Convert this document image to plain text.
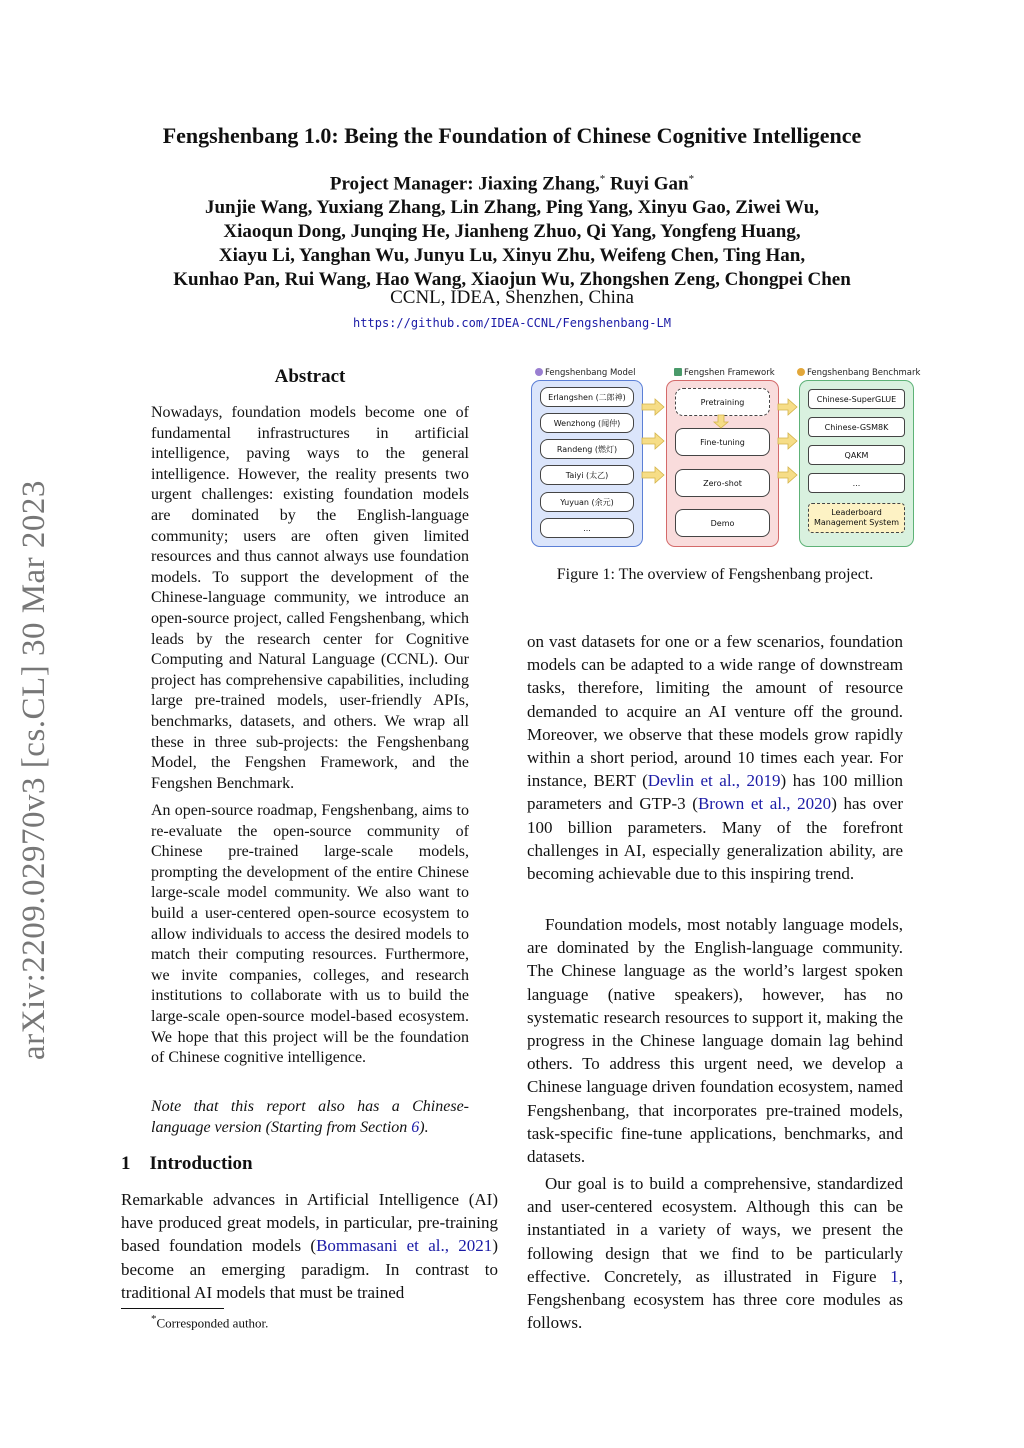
arXiv:2209.02970v3 [cs.CL] 30 Mar 2023
Fengshenbang 1.0: Being the Foundation of Chinese Cognitive Intelligence
Project Manager: Jiaxing Zhang,* Ruyi Gan*
Junjie Wang, Yuxiang Zhang, Lin Zhang, Ping Yang, Xinyu Gao, Ziwei Wu,
Xiaoqun Dong, Junqing He, Jianheng Zhuo, Qi Yang, Yongfeng Huang,
Xiayu Li, Yanghan Wu, Junyu Lu, Xinyu Zhu, Weifeng Chen, Ting Han,
Kunhao Pan, Rui Wang, Hao Wang, Xiaojun Wu, Zhongshen Zeng, Chongpei Chen
CCNL, IDEA, Shenzhen, China
https://github.com/IDEA-CCNL/Fengshenbang-LM
Abstract

Nowadays, foundation models become one of fundamental infrastructures in artificial intelligence, paving ways to the general intelligence. However, the reality presents two urgent challenges: existing foundation models are dominated by the English-language community; users are often given limited resources and thus cannot always use foundation models. To support the development of the Chinese-language community, we introduce an open-source project, called Fengshenbang, which leads by the research center for Cognitive Computing and Natural Language (CCNL). Our project has comprehensive capabilities, including large pre-trained models, user-friendly APIs, benchmarks, datasets, and others. We wrap all these in three sub-projects: the Fengshenbang Model, the Fengshen Framework, and the Fengshen Benchmark.

An open-source roadmap, Fengshenbang, aims to re-evaluate the open-source community of Chinese pre-trained large-scale models, prompting the development of the entire Chinese large-scale model community. We also want to build a user-centered open-source ecosystem to allow individuals to access the desired models to match their computing resources. Furthermore, we invite companies, colleges, and research institutions to collaborate with us to build the large-scale open-source model-based ecosystem. We hope that this project will be the foundation of Chinese cognitive intelligence.

Note that this report also has a Chinese-language version (Starting from Section 6).
1    Introduction
Remarkable advances in Artificial Intelligence (AI) have produced great models, in particular, pre-training based foundation models (Bommasani et al., 2021) become an emerging paradigm. In contrast to traditional AI models that must be trained
*Corresponded author.
Fengshenbang Model	Fengshen Framework	Fengshenbang Benchmark
Erlangshen (二郎神)
Wenzhong (闻仲)
Randeng (燃灯)
Taiyi (太乙)
Yuyuan (余元)
...
Pretraining
Fine-tuning
Zero-shot
Demo
Chinese-SuperGLUE
Chinese-GSM8K
QAKM
...
Leaderboard Management System
Figure 1: The overview of Fengshenbang project.

on vast datasets for one or a few scenarios, foundation models can be adapted to a wide range of downstream tasks, therefore, limiting the amount of resource demanded to acquire an AI venture off the ground. Moreover, we observe that these models grow rapidly within a short period, around 10 times each year. For instance, BERT (Devlin et al., 2019) has 100 million parameters and GTP-3 (Brown et al., 2020) has over 100 billion parameters. Many of the forefront challenges in AI, especially generalization ability, are becoming achievable due to this inspiring trend.

Foundation models, most notably language models, are dominated by the English-language community. The Chinese language as the world’s largest spoken language (native speakers), however, has no systematic research resources to support it, making the progress in the Chinese language domain lag behind others. To address this urgent need, we develop a Chinese language driven foundation ecosystem, named Fengshenbang, that incorporates pre-trained models, task-specific fine-tune applications, benchmarks, and datasets.

Our goal is to build a comprehensive, standardized and user-centered ecosystem. Although this can be instantiated in a variety of ways, we present the following design that we find to be particularly effective. Concretely, as illustrated in Figure 1, Fengshenbang ecosystem has three core modules as follows.
